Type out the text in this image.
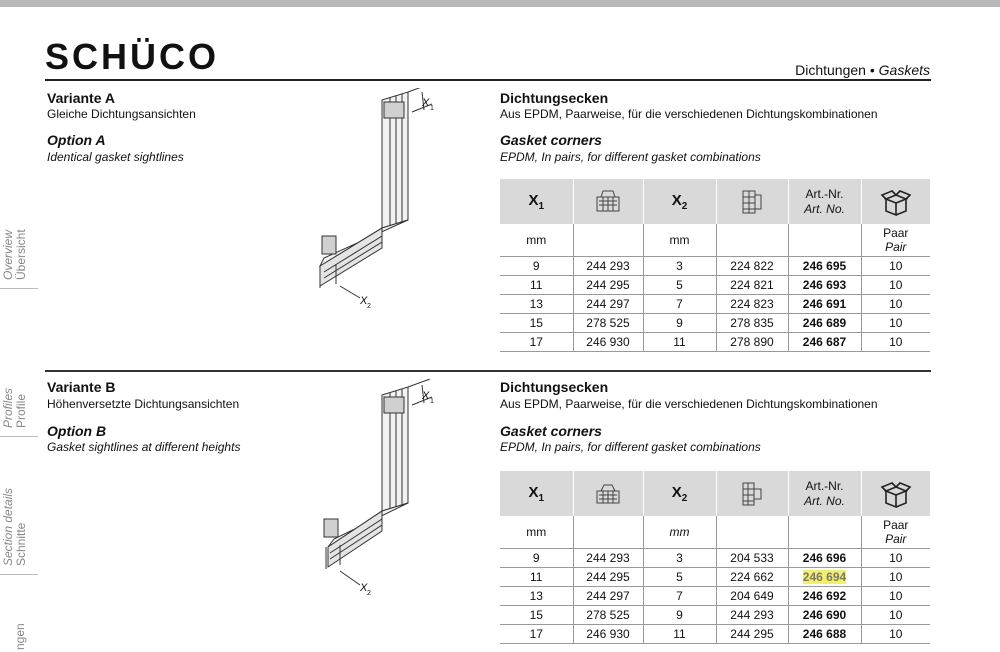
SCHÜCO	Dichtungen • Gaskets
Overview Übersicht
Profiles Profile
Section details Schnitte
ngen
Variante A
Gleiche Dichtungsansichten
Option A
Identical gasket sightlines
X 1
X 2
Dichtungsecken
Aus EPDM, Paarweise, für die verschiedenen Dichtungskombinationen
Gasket corners
EPDM, In pairs, for different gasket combinations
$X_1$		$X_2$		Art.-Nr.
Art. No.

mm		mm			Paar
Pair

9	244 293	3	224 822	246 695	10
11	244 295	5	224 821	246 693	10
13	244 297	7	224 823	246 691	10
15	278 525	9	278 835	246 689	10
17	246 930	11	278 890	246 687	10
Variante B
Höhenversetzte Dichtungsansichten
Option B
Gasket sightlines at different heights
X 1
X 2
Dichtungsecken
Aus EPDM, Paarweise, für die verschiedenen Dichtungskombinationen
Gasket corners
EPDM, In pairs, for different gasket combinations
$X_1$		$X_2$		Art.-Nr.
Art. No.

mm		mm			Paar
Pair

9	244 293	3	204 533	246 696	10
11	244 295	5	224 662	246 694	10
13	244 297	7	204 649	246 692	10
15	278 525	9	244 293	246 690	10
17	246 930	11	244 295	246 688	10
